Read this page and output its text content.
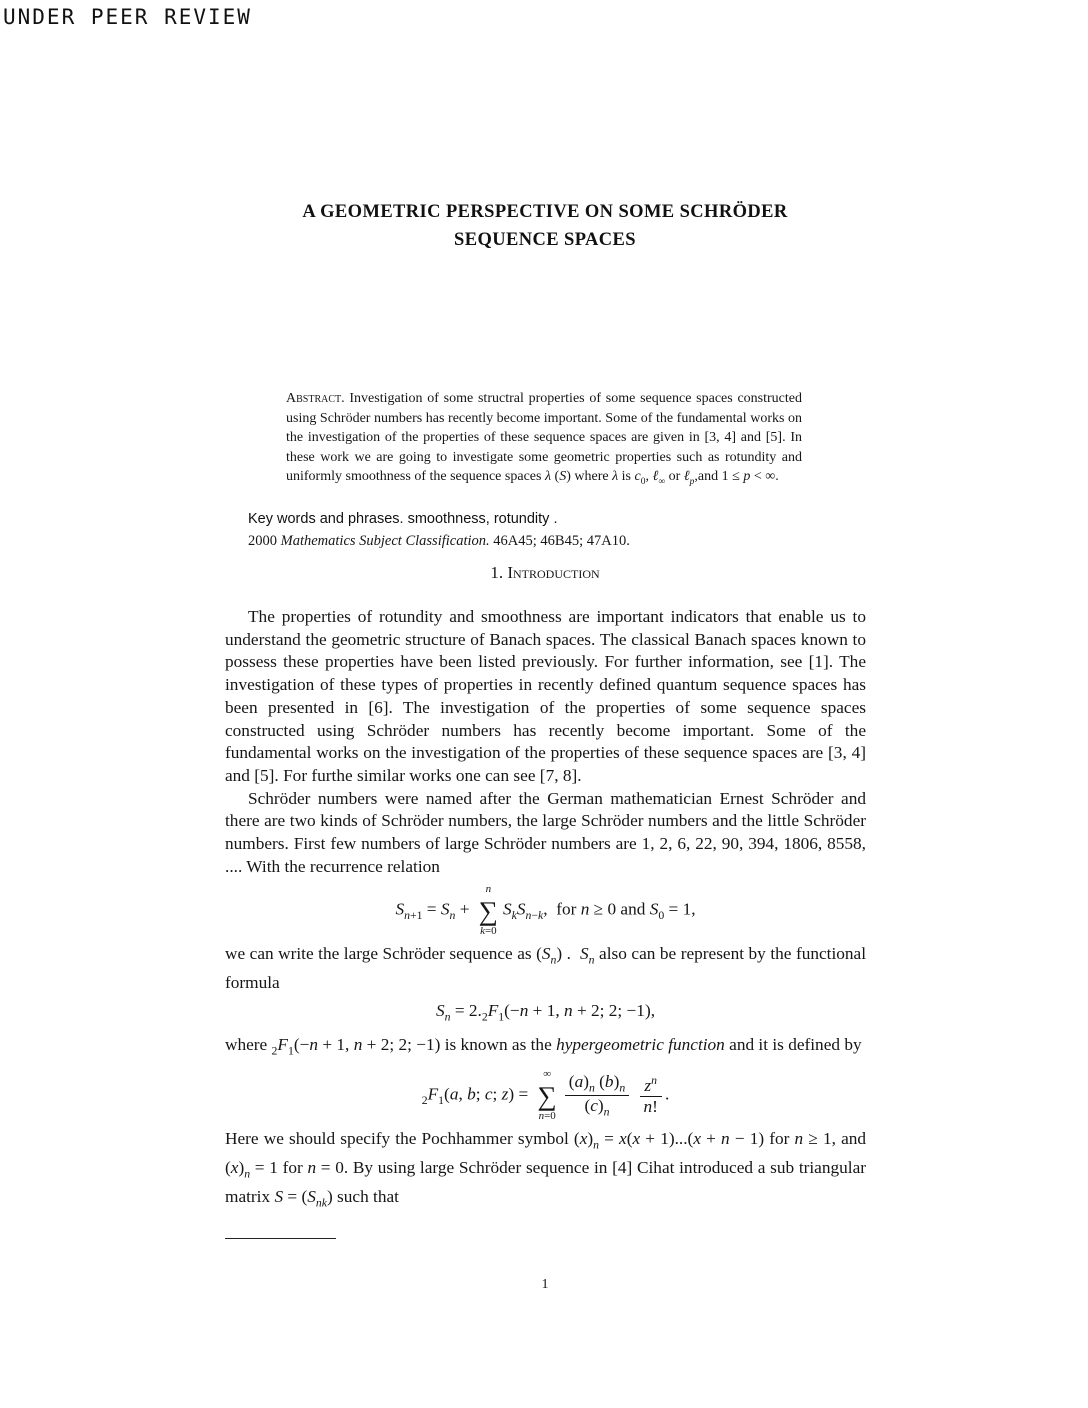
UNDER PEER REVIEW
A GEOMETRIC PERSPECTIVE ON SOME SCHRÖDER
SEQUENCE SPACES
Abstract. Investigation of some structral properties of some sequence spaces constructed using Schröder numbers has recently become important. Some of the fundamental works on the investigation of the properties of these sequence spaces are given in [3, 4] and [5]. In these work we are going to investigate some geometric properties such as rotundity and uniformly smoothness of the sequence spaces λ (S) where λ is $c_0$, ℓ$_\infty$ or ℓ$_p$,and 1 ≤ p < ∞.
Key words and phrases. smoothness, rotundity .
2000 Mathematics Subject Classification. 46A45; 46B45; 47A10.
1. Introduction

The properties of rotundity and smoothness are important indicators that enable us to understand the geometric structure of Banach spaces. The classical Banach spaces known to possess these properties have been listed previously. For further information, see [1]. The investigation of these types of properties in recently defined quantum sequence spaces has been presented in [6]. The investigation of the properties of some sequence spaces constructed using Schröder numbers has recently become important. Some of the fundamental works on the investigation of the properties of these sequence spaces are [3, 4] and [5]. For furthe similar works one can see [7, 8].

Schröder numbers were named after the German mathematician Ernest Schröder and there are two kinds of Schröder numbers, the large Schröder numbers and the little Schröder numbers. First few numbers of large Schröder numbers are 1, 2, 6, 22, 90, 394, 1806, 8558, .... With the recurrence relation

$S_{n+1} = S_n$ +
n
∑
k=0
$S_kS_{n-k}$,  for n ≥ 0 and $S_0 = 1$,

we can write the large Schröder sequence as $(S_n)$ .  $S_n$ also can be represent by the functional formula

$S_n = 2._2F_1(-n + 1$, n + 2; 2; −1),

where $_2F_1(-n + 1$, n + 2; 2; −1) is known as the hypergeometric function and it is defined by

$_2F_1(a$, b; c; z) =
∞
∑
$n=0 \frac{(a)_n (b)_n}{(c)_n}$
$\frac{z^n}{n!}$ .

Here we should specify the Pochhammer symbol $(x)_n = x(x + 1)...(x + n - 1)$ for n ≥ 1, and $(x)_n = 1$ for n = 0. By using large Schröder sequence in [4] Cihat introduced a sub triangular matrix $S = (S_{nk})$ such that

1
